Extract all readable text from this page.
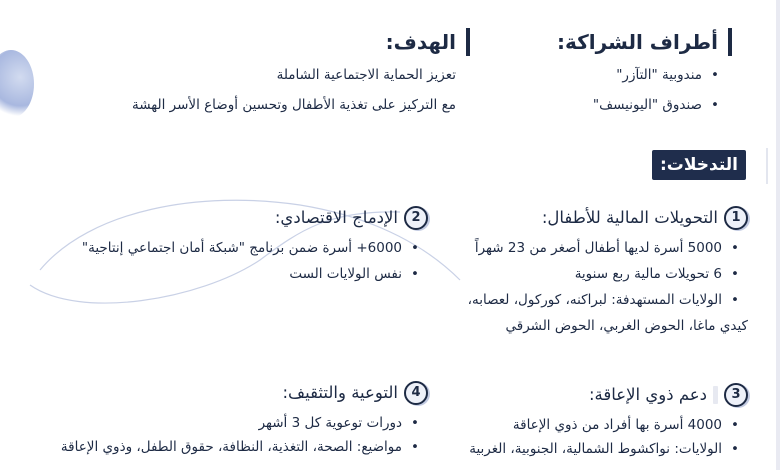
أطراف الشراكة:
• مندوبية "التآزر"
• صندوق "اليونيسف"
الهدف:
تعزيز الحماية الاجتماعية الشاملة
مع التركيز على تغذية الأطفال وتحسين أوضاع الأسر الهشة
التدخلات:
1
التحويلات المالية للأطفال:
• 5000 أسرة لديها أطفال أصغر من 23 شهراً
• 6 تحويلات مالية ربع سنوية
• الولايات المستهدفة: لبراكنه، كوركول، لعصابه،
كيدي ماغا، الحوض الغربي، الحوض الشرقي
2
الإدماج الاقتصادي:
• 6000+ أسرة ضمن برنامج "شبكة أمان اجتماعي إنتاجية"
• نفس الولايات الست
3
دعم ذوي الإعاقة:
• 4000 أسرة بها أفراد من ذوي الإعاقة
• الولايات: نواكشوط الشمالية، الجنوبية، الغربية
4
التوعية والتثقيف:
• دورات توعوية كل 3 أشهر
• مواضيع: الصحة، التغذية، النظافة، حقوق الطفل، وذوي الإعاقة
